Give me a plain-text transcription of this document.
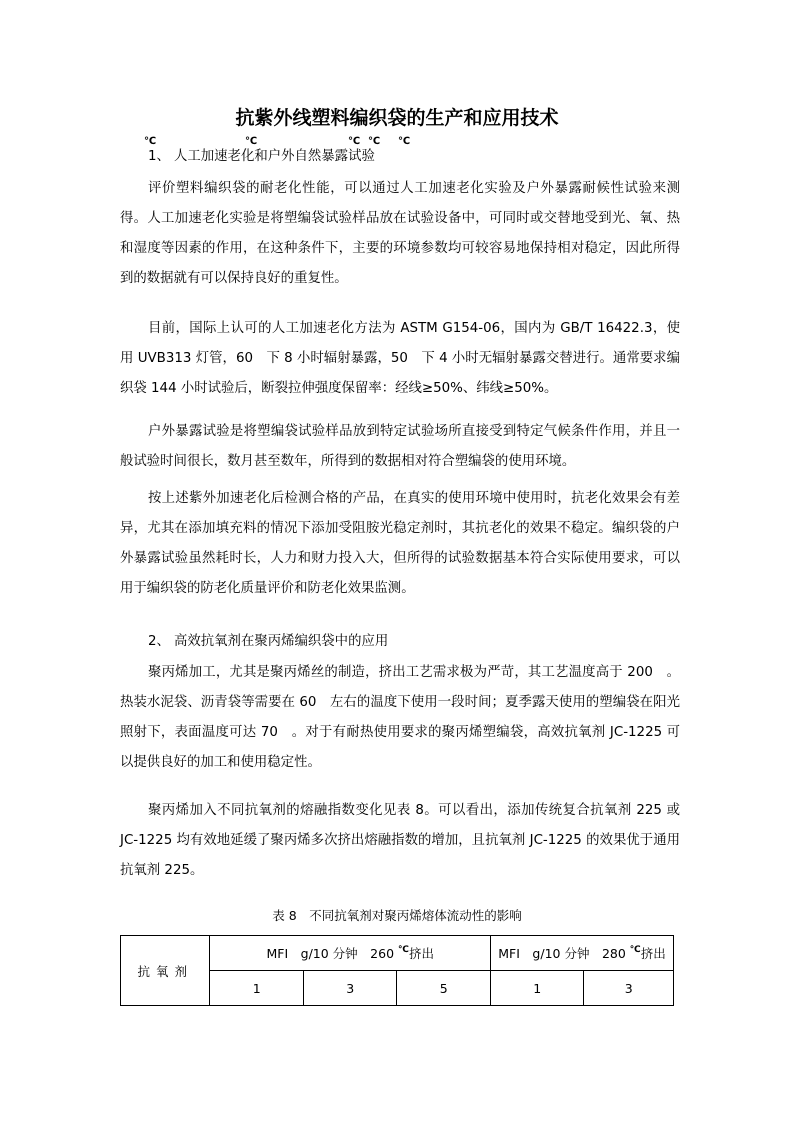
抗紫外线塑料编织袋的生产和应用技术
℃	℃	℃ ℃ ℃
1、 人工加速老化和户外自然暴露试验
评价塑料编织袋的耐老化性能，可以通过人工加速老化实验及户外暴露耐候性试验来测得。人工加速老化实验是将塑编袋试验样品放在试验设备中，可同时或交替地受到光、氧、热和湿度等因素的作用，在这种条件下，主要的环境参数均可较容易地保持相对稳定，因此所得到的数据就有可以保持良好的重复性。
目前，国际上认可的人工加速老化方法为 ASTM G154-06，国内为 GB/T 16422.3，使用 UVB313 灯管，60　下 8 小时辐射暴露，50　下 4 小时无辐射暴露交替进行。通常要求编织袋 144 小时试验后，断裂拉伸强度保留率：经线≥50%、纬线≥50%。
户外暴露试验是将塑编袋试验样品放到特定试验场所直接受到特定气候条件作用，并且一般试验时间很长，数月甚至数年，所得到的数据相对符合塑编袋的使用环境。
按上述紫外加速老化后检测合格的产品，在真实的使用环境中使用时，抗老化效果会有差异，尤其在添加填充料的情况下添加受阻胺光稳定剂时，其抗老化的效果不稳定。编织袋的户外暴露试验虽然耗时长，人力和财力投入大，但所得的试验数据基本符合实际使用要求，可以用于编织袋的防老化质量评价和防老化效果监测。
2、 高效抗氧剂在聚丙烯编织袋中的应用
聚丙烯加工，尤其是聚丙烯丝的制造，挤出工艺需求极为严苛，其工艺温度高于 200　。热装水泥袋、沥青袋等需要在 60　左右的温度下使用一段时间；夏季露天使用的塑编袋在阳光照射下，表面温度可达 70　。对于有耐热使用要求的聚丙烯塑编袋，高效抗氧剂 JC-1225 可以提供良好的加工和使用稳定性。
聚丙烯加入不同抗氧剂的熔融指数变化见表 8。可以看出，添加传统复合抗氧剂 225 或 JC-1225 均有效地延缓了聚丙烯多次挤出熔融指数的增加，且抗氧剂 JC-1225 的效果优于通用抗氧剂 225。
表 8　不同抗氧剂对聚丙烯熔体流动性的影响
抗氧剂	MFI　g/10 分钟　260 ℃挤出			MFI　g/10 分钟　280 ℃挤出	
	1	3	5	1	3
